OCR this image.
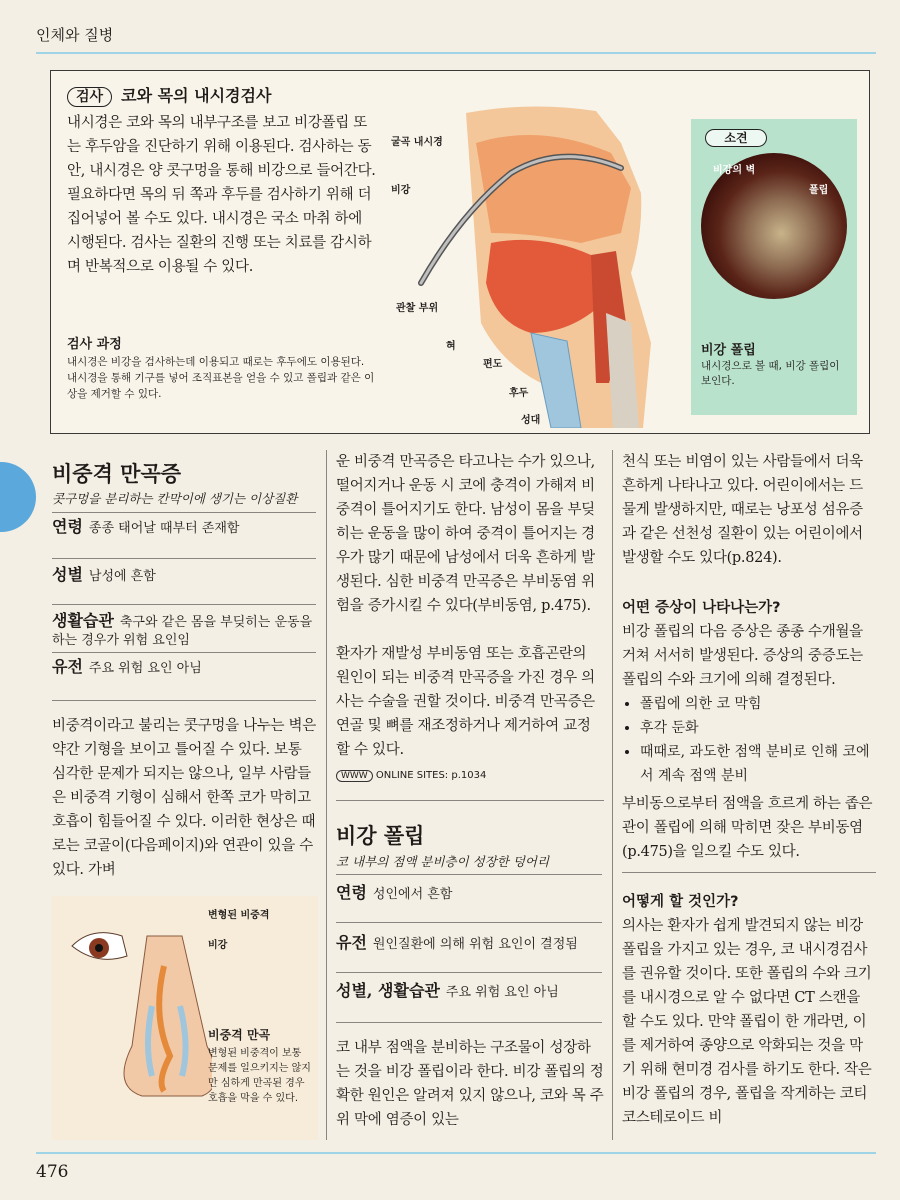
인체와 질병
검사 코와 목의 내시경검사
내시경은 코와 목의 내부구조를 보고 비강폴립 또는 후두암을 진단하기 위해 이용된다. 검사하는 동안, 내시경은 양 콧구멍을 통해 비강으로 들어간다. 필요하다면 목의 뒤 쪽과 후두를 검사하기 위해 더 집어넣어 볼 수도 있다. 내시경은 국소 마취 하에 시행된다. 검사는 질환의 진행 또는 치료를 감시하며 반복적으로 이용될 수 있다.
검사 과정
내시경은 비강을 검사하는데 이용되고 때로는 후두에도 이용된다. 내시경을 통해 기구를 넣어 조직표본을 얻을 수 있고 폴립과 같은 이상을 제거할 수 있다.
굴곡 내시경
비강
관찰 부위
혀
편도
후두
성대
소견
비강의 벽
폴립
비강 폴립
내시경으로 볼 때, 비강 폴립이 보인다.
비중격 만곡증
콧구멍을 분리하는 칸막이에 생기는 이상질환
연령 종종 태어날 때부터 존재함
성별 남성에 흔함
생활습관 축구와 같은 몸을 부딪히는 운동을 하는 경우가 위험 요인임
유전 주요 위험 요인 아님
비중격이라고 불리는 콧구멍을 나누는 벽은 약간 기형을 보이고 틀어질 수 있다. 보통 심각한 문제가 되지는 않으나, 일부 사람들은 비중격 기형이 심해서 한쪽 코가 막히고 호흡이 힘들어질 수 있다. 이러한 현상은 때로는 코골이(다음페이지)와 연관이 있을 수 있다. 가벼
변형된 비중격
비강
비중격 만곡
변형된 비중격이 보통 문제를 일으키지는 않지만 심하게 만곡된 경우 호흡을 막을 수 있다.
운 비중격 만곡증은 타고나는 수가 있으나, 떨어지거나 운동 시 코에 충격이 가해져 비중격이 틀어지기도 한다. 남성이 몸을 부딪히는 운동을 많이 하여 중격이 틀어지는 경우가 많기 때문에 남성에서 더욱 흔하게 발생된다. 심한 비중격 만곡증은 부비동염 위험을 증가시킬 수 있다(부비동염, p.475).
환자가 재발성 부비동염 또는 호흡곤란의 원인이 되는 비중격 만곡증을 가진 경우 의사는 수술을 권할 것이다. 비중격 만곡증은 연골 및 뼈를 재조정하거나 제거하여 교정할 수 있다.
WWW ONLINE SITES: p.1034
비강 폴립
코 내부의 점액 분비층이 성장한 덩어리
연령 성인에서 흔함
유전 원인질환에 의해 위험 요인이 결정됨
성별, 생활습관 주요 위험 요인 아님
코 내부 점액을 분비하는 구조물이 성장하는 것을 비강 폴립이라 한다. 비강 폴립의 정확한 원인은 알려져 있지 않으나, 코와 목 주위 막에 염증이 있는
천식 또는 비염이 있는 사람들에서 더욱 흔하게 나타나고 있다. 어린이에서는 드물게 발생하지만, 때로는 낭포성 섬유증과 같은 선천성 질환이 있는 어린이에서 발생할 수도 있다(p.824).
어떤 증상이 나타나는가?
비강 폴립의 다음 증상은 종종 수개월을 거쳐 서서히 발생된다. 증상의 중증도는 폴립의 수와 크기에 의해 결정된다.
• 폴립에 의한 코 막힘
• 후각 둔화
• 때때로, 과도한 점액 분비로 인해 코에서 계속 점액 분비
부비동으로부터 점액을 흐르게 하는 좁은 관이 폴립에 의해 막히면 잦은 부비동염(p.475)을 일으킬 수도 있다.
어떻게 할 것인가?
의사는 환자가 쉽게 발견되지 않는 비강 폴립을 가지고 있는 경우, 코 내시경검사를 권유할 것이다. 또한 폴립의 수와 크기를 내시경으로 알 수 없다면 CT 스캔을 할 수도 있다. 만약 폴립이 한 개라면, 이를 제거하여 종양으로 악화되는 것을 막기 위해 현미경 검사를 하기도 한다. 작은 비강 폴립의 경우, 폴립을 작게하는 코티코스테로이드 비
476
